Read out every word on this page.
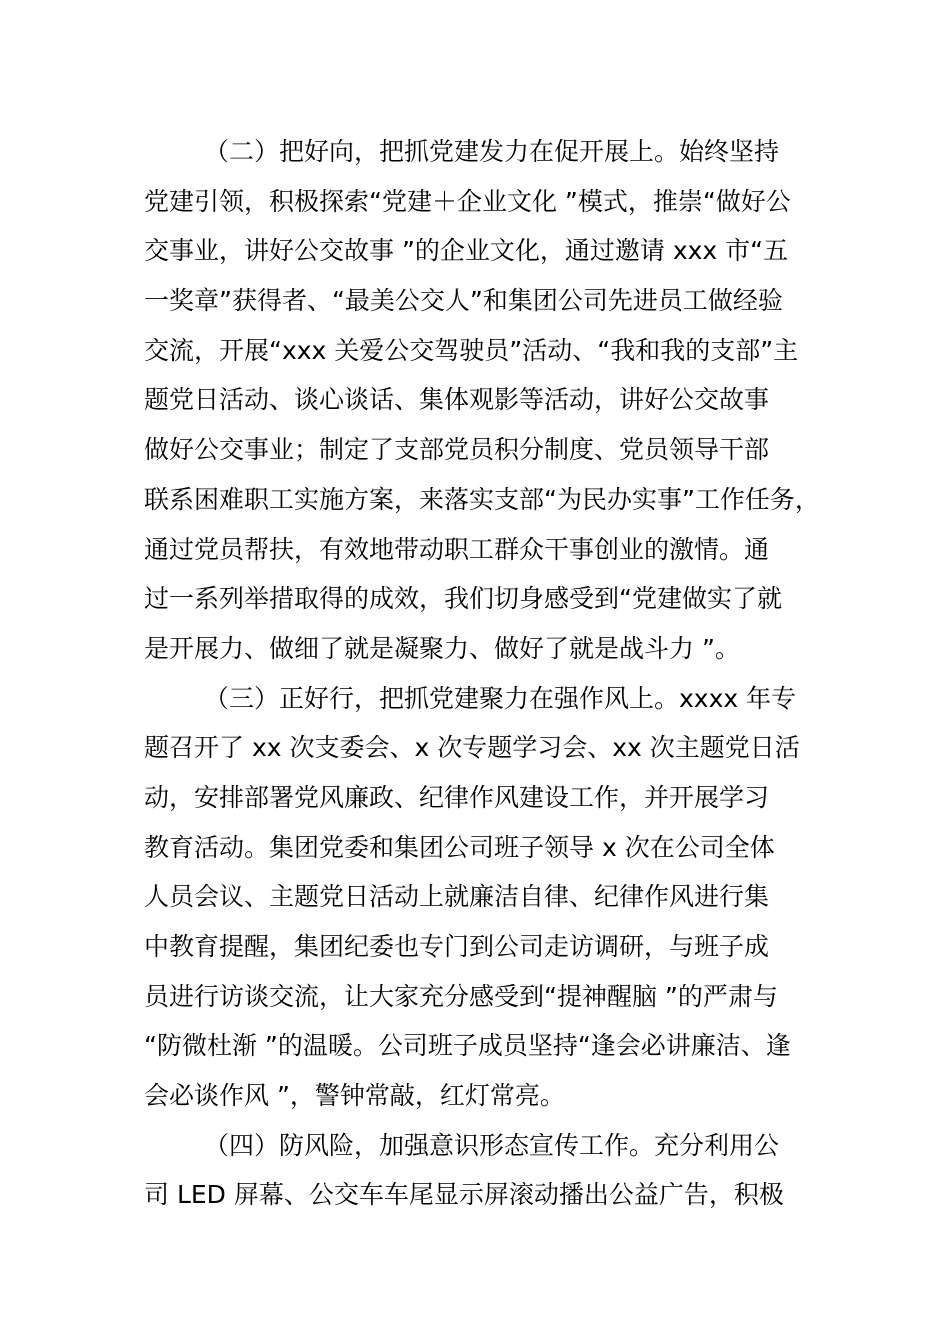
（二）把好向，把抓党建发力在促开展上。始终坚持
党建引领，积极探索“党建＋企业文化 ”模式，推崇“做好公
交事业，讲好公交故事 ”的企业文化，通过邀请 xxx 市“五
一奖章”获得者、“最美公交人”和集团公司先进员工做经验
交流，开展“xxx 关爱公交驾驶员”活动、“我和我的支部”主
题党日活动、谈心谈话、集体观影等活动，讲好公交故事
做好公交事业；制定了支部党员积分制度、党员领导干部
联系困难职工实施方案，来落实支部“为民办实事”工作任务，
通过党员帮扶，有效地带动职工群众干事创业的激情。通
过一系列举措取得的成效，我们切身感受到“党建做实了就
是开展力、做细了就是凝聚力、做好了就是战斗力 ”。
（三）正好行，把抓党建聚力在强作风上。xxxx 年专
题召开了 xx 次支委会、x 次专题学习会、xx 次主题党日活
动，安排部署党风廉政、纪律作风建设工作，并开展学习
教育活动。集团党委和集团公司班子领导 x 次在公司全体
人员会议、主题党日活动上就廉洁自律、纪律作风进行集
中教育提醒，集团纪委也专门到公司走访调研，与班子成
员进行访谈交流，让大家充分感受到“提神醒脑 ”的严肃与
“防微杜渐 ”的温暖。公司班子成员坚持“逢会必讲廉洁、逢
会必谈作风 ”，警钟常敲，红灯常亮。
（四）防风险，加强意识形态宣传工作。充分利用公
司 LED 屏幕、公交车车尾显示屏滚动播出公益广告，积极
